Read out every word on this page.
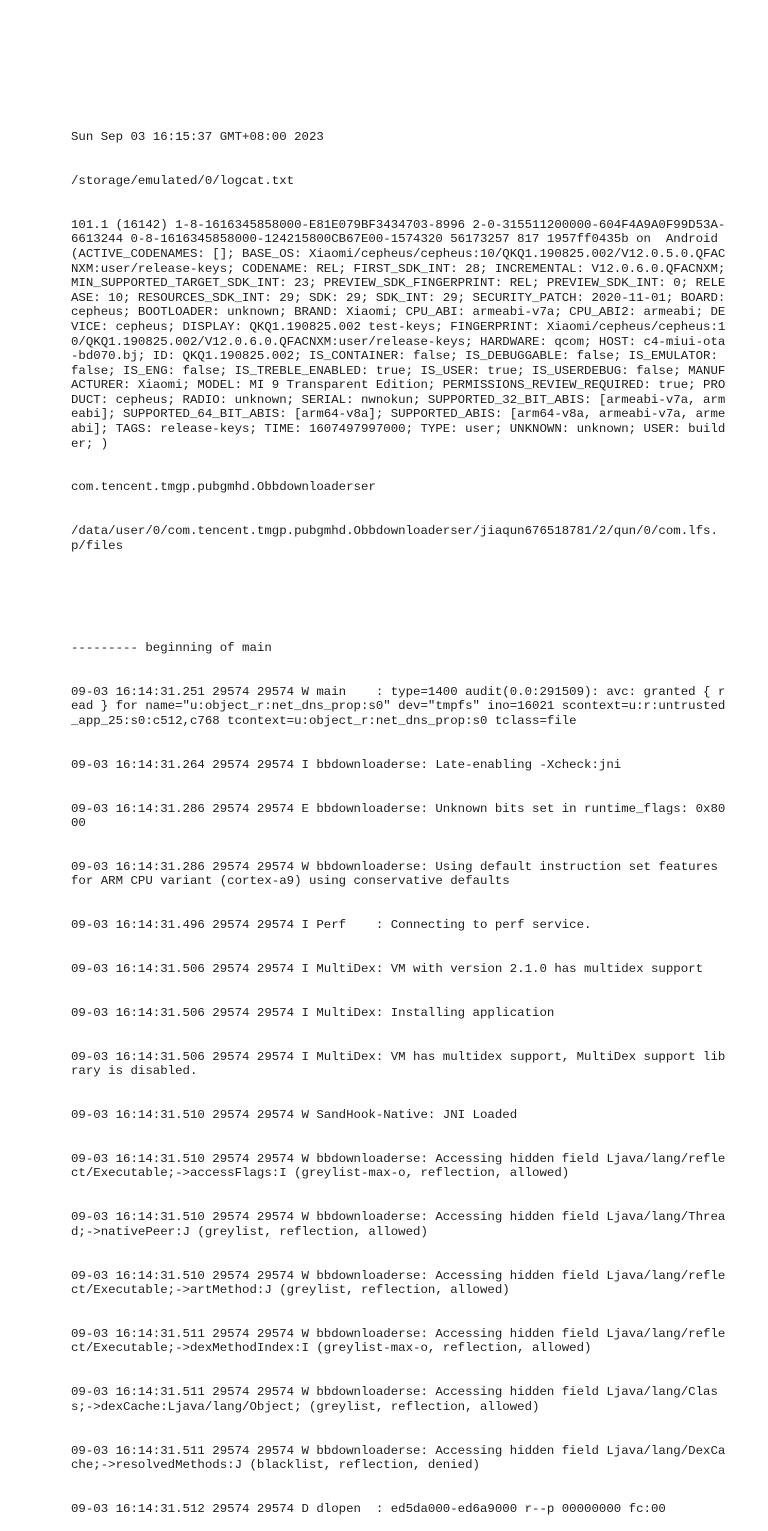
Sun Sep 03 16:15:37 GMT+08:00 2023

/storage/emulated/0/logcat.txt

101.1 (16142) 1-8-1616345858000-E81E079BF3434703-8996 2-0-315511200000-604F4A9A0F99D53A-6613244 0-8-1616345858000-124215800CB67E00-1574320 56173257 817 1957ff0435b on  Android(ACTIVE_CODENAMES: []; BASE_OS: Xiaomi/cepheus/cepheus:10/QKQ1.190825.002/V12.0.5.0.QFACNXM:user/release-keys; CODENAME: REL; FIRST_SDK_INT: 28; INCREMENTAL: V12.0.6.0.QFACNXM; MIN_SUPPORTED_TARGET_SDK_INT: 23; PREVIEW_SDK_FINGERPRINT: REL; PREVIEW_SDK_INT: 0; RELEASE: 10; RESOURCES_SDK_INT: 29; SDK: 29; SDK_INT: 29; SECURITY_PATCH: 2020-11-01; BOARD: cepheus; BOOTLOADER: unknown; BRAND: Xiaomi; CPU_ABI: armeabi-v7a; CPU_ABI2: armeabi; DEVICE: cepheus; DISPLAY: QKQ1.190825.002 test-keys; FINGERPRINT: Xiaomi/cepheus/cepheus:10/QKQ1.190825.002/V12.0.6.0.QFACNXM:user/release-keys; HARDWARE: qcom; HOST: c4-miui-ota-bd070.bj; ID: QKQ1.190825.002; IS_CONTAINER: false; IS_DEBUGGABLE: false; IS_EMULATOR: false; IS_ENG: false; IS_TREBLE_ENABLED: true; IS_USER: true; IS_USERDEBUG: false; MANUFACTURER: Xiaomi; MODEL: MI 9 Transparent Edition; PERMISSIONS_REVIEW_REQUIRED: true; PRODUCT: cepheus; RADIO: unknown; SERIAL: nwnokun; SUPPORTED_32_BIT_ABIS: [armeabi-v7a, armeabi]; SUPPORTED_64_BIT_ABIS: [arm64-v8a]; SUPPORTED_ABIS: [arm64-v8a, armeabi-v7a, armeabi]; TAGS: release-keys; TIME: 1607497997000; TYPE: user; UNKNOWN: unknown; USER: builder; )

com.tencent.tmgp.pubgmhd.Obbdownloaderser

/data/user/0/com.tencent.tmgp.pubgmhd.Obbdownloaderser/jiaqun676518781/2/qun/0/com.lfs.p/files

--------- beginning of main

09-03 16:14:31.251 29574 29574 W main    : type=1400 audit(0.0:291509): avc: granted { read } for name="u:object_r:net_dns_prop:s0" dev="tmpfs" ino=16021 scontext=u:r:untrusted_app_25:s0:c512,c768 tcontext=u:object_r:net_dns_prop:s0 tclass=file

09-03 16:14:31.264 29574 29574 I bbdownloaderse: Late-enabling -Xcheck:jni

09-03 16:14:31.286 29574 29574 E bbdownloaderse: Unknown bits set in runtime_flags: 0x8000

09-03 16:14:31.286 29574 29574 W bbdownloaderse: Using default instruction set features for ARM CPU variant (cortex-a9) using conservative defaults

09-03 16:14:31.496 29574 29574 I Perf    : Connecting to perf service.

09-03 16:14:31.506 29574 29574 I MultiDex: VM with version 2.1.0 has multidex support

09-03 16:14:31.506 29574 29574 I MultiDex: Installing application

09-03 16:14:31.506 29574 29574 I MultiDex: VM has multidex support, MultiDex support library is disabled.

09-03 16:14:31.510 29574 29574 W SandHook-Native: JNI Loaded

09-03 16:14:31.510 29574 29574 W bbdownloaderse: Accessing hidden field Ljava/lang/reflect/Executable;->accessFlags:I (greylist-max-o, reflection, allowed)

09-03 16:14:31.510 29574 29574 W bbdownloaderse: Accessing hidden field Ljava/lang/Thread;->nativePeer:J (greylist, reflection, allowed)

09-03 16:14:31.510 29574 29574 W bbdownloaderse: Accessing hidden field Ljava/lang/reflect/Executable;->artMethod:J (greylist, reflection, allowed)

09-03 16:14:31.511 29574 29574 W bbdownloaderse: Accessing hidden field Ljava/lang/reflect/Executable;->dexMethodIndex:I (greylist-max-o, reflection, allowed)

09-03 16:14:31.511 29574 29574 W bbdownloaderse: Accessing hidden field Ljava/lang/Class;->dexCache:Ljava/lang/Object; (greylist, reflection, allowed)

09-03 16:14:31.511 29574 29574 W bbdownloaderse: Accessing hidden field Ljava/lang/DexCache;->resolvedMethods:J (blacklist, reflection, denied)

09-03 16:14:31.512 29574 29574 D dlopen  : ed5da000-ed6a9000 r--p 00000000 fc:00
